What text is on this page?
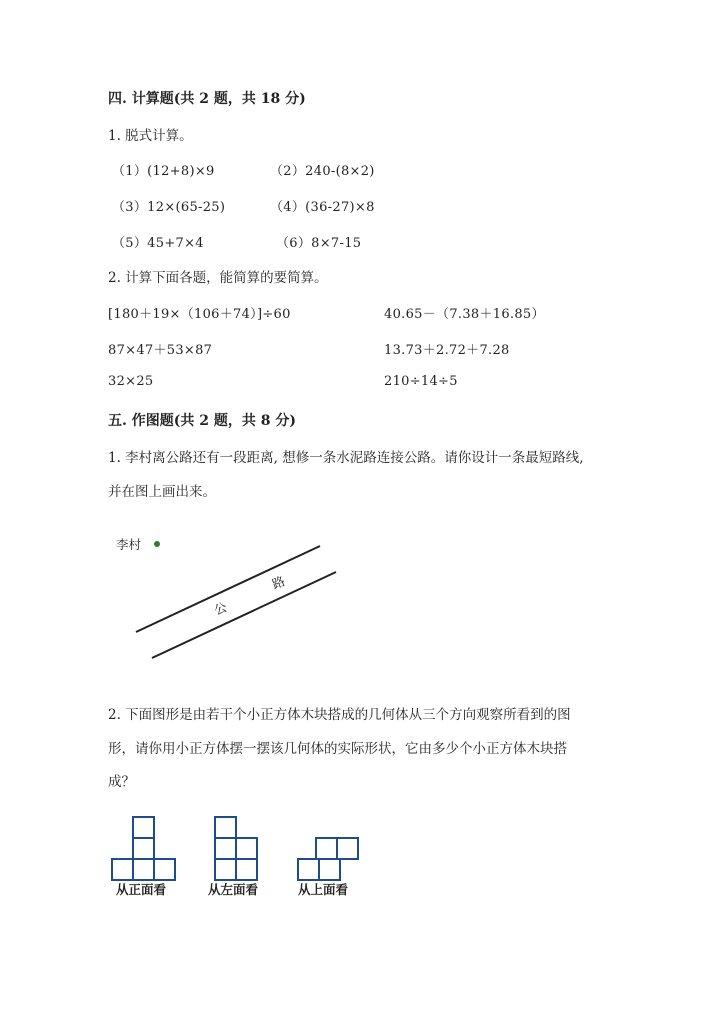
四. 计算题(共 2 题，共 18 分)
1. 脱式计算。
（1）(12+8)×9	（2）240-(8×2)
（3）12×(65-25)	（4）(36-27)×8
（5）45+7×4	（6）8×7-15
2. 计算下面各题，能简算的要简算。
[180＋19×（106＋74）]÷60	40.65－（7.38＋16.85）
87×47＋53×87	13.73＋2.72＋7.28
32×25	210÷14÷5
五. 作图题(共 2 题，共 8 分)
1. 李村离公路还有一段距离, 想修一条水泥路连接公路。请你设计一条最短路线,
并在图上画出来。
李村
公
路
2. 下面图形是由若干个小正方体木块搭成的几何体从三个方向观察所看到的图
形，请你用小正方体摆一摆该几何体的实际形状，它由多少个小正方体木块搭
成？
从正面看	从左面看	从上面看
